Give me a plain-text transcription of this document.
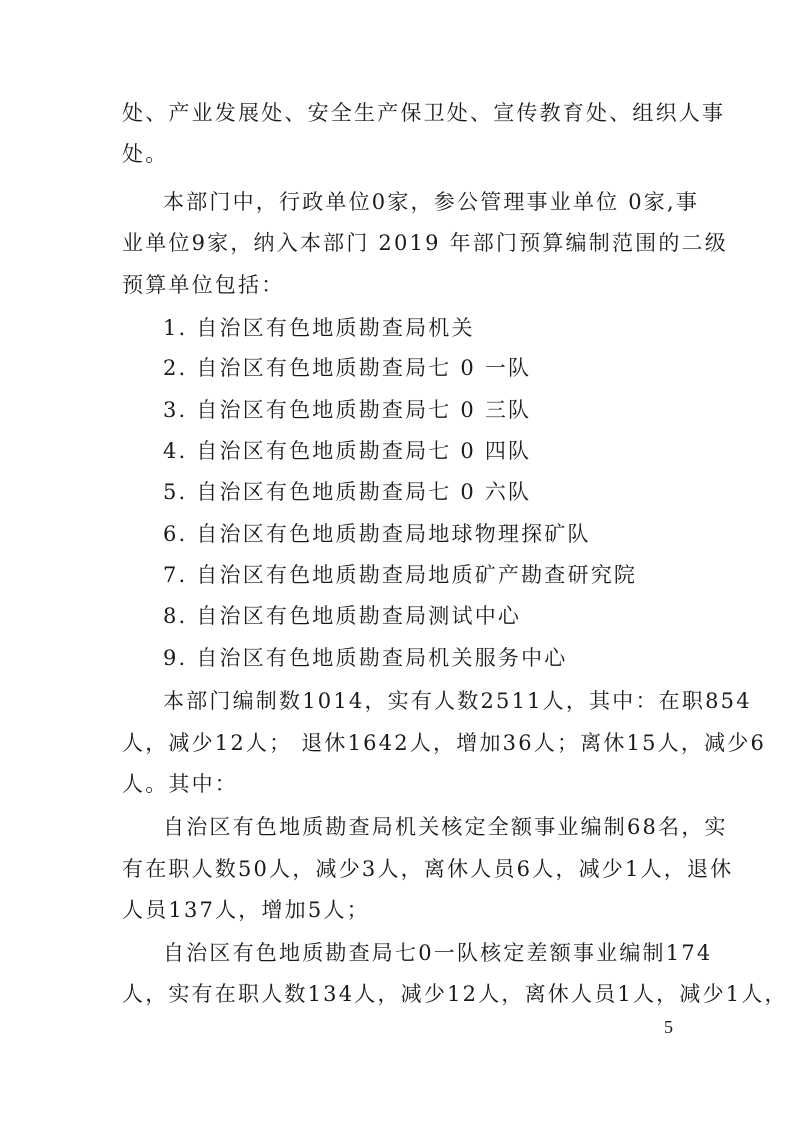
处、产业发展处、安全生产保卫处、宣传教育处、组织人事
处。
本部门中，行政单位0家，参公管理事业单位 0家,事
业单位9家，纳入本部门 2019 年部门预算编制范围的二级
预算单位包括：
1. 自治区有色地质勘查局机关
2. 自治区有色地质勘查局七 0 一队
3. 自治区有色地质勘查局七 0 三队
4. 自治区有色地质勘查局七 0 四队
5. 自治区有色地质勘查局七 0 六队
6. 自治区有色地质勘查局地球物理探矿队
7. 自治区有色地质勘查局地质矿产勘查研究院
8. 自治区有色地质勘查局测试中心
9. 自治区有色地质勘查局机关服务中心
本部门编制数1014，实有人数2511人，其中：在职854
人，减少12人； 退休1642人，增加36人；离休15人，减少6
人。其中：
自治区有色地质勘查局机关核定全额事业编制68名，实
有在职人数50人，减少3人，离休人员6人，减少1人，退休
人员137人，增加5人；
自治区有色地质勘查局七0一队核定差额事业编制174
人，实有在职人数134人，减少12人，离休人员1人，减少1人，
5
